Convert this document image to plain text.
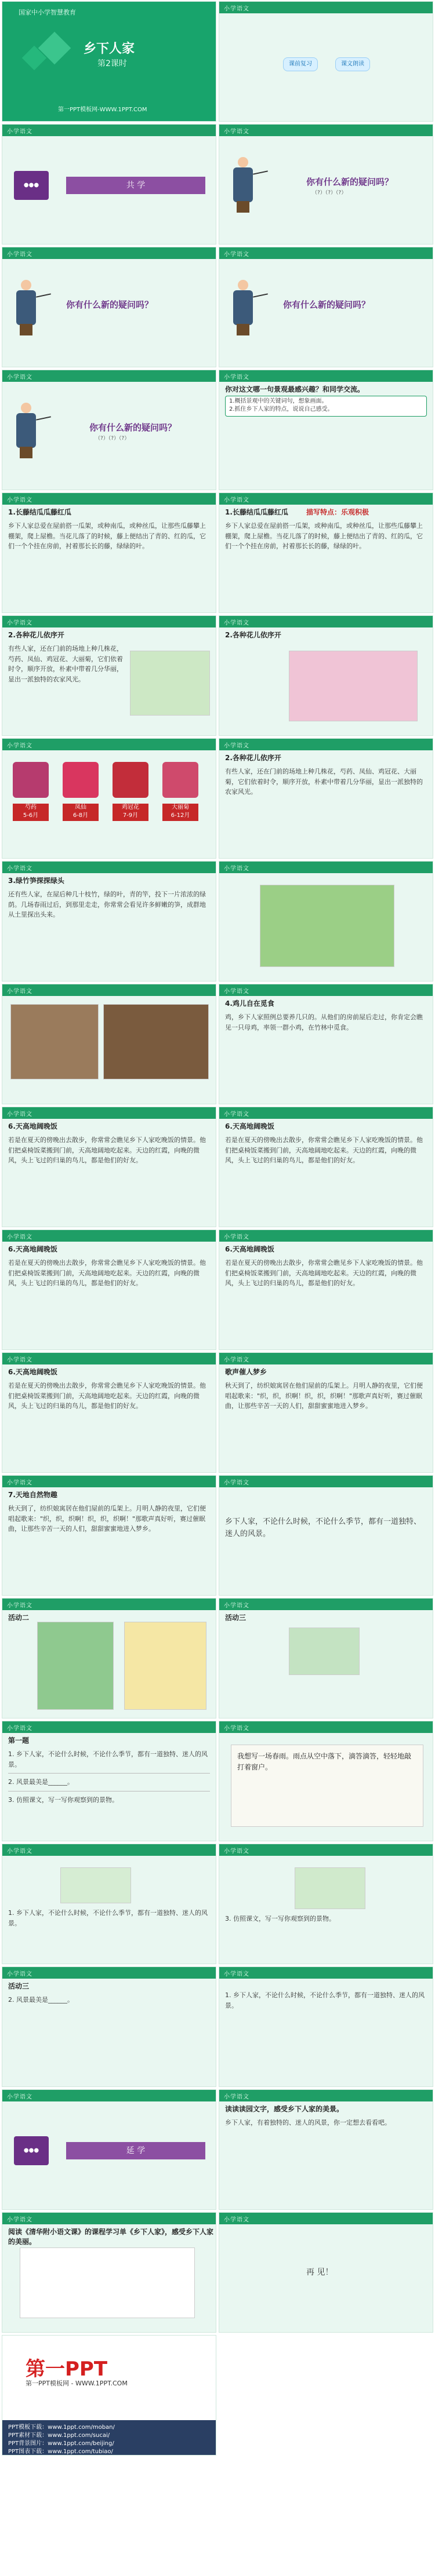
国家中小学智慧教育
乡下人家
第2课时
第一PPT模板网-WWW.1PPT.COM
小学语文
课前复习	课文朗读
小学语文
●●●	共 学
小学语文
你有什么新的疑问吗？
（?）（?）（?）
小学语文
你有什么新的疑问吗？
小学语文
你有什么新的疑问吗？
小学语文
你有什么新的疑问吗？
（?）（?）（?）
小学语文
你对这文哪一句景观最感兴趣？和同学交流。
1.概括景观中的关键词句，想象画面。
2.抓住乡下人家的特点，说说自己感受。
小学语文
1.长藤结瓜瓜藤红瓜
乡下人家总爱在屋前搭一瓜架，或种南瓜，或种丝瓜，让那些瓜藤攀上棚架，爬上屋檐。当花儿落了的时候，藤上便结出了青的、红的瓜，它们一个个挂在房前，衬着那长长的藤，绿绿的叶。
小学语文
1.长藤结瓜瓜藤红瓜	描写特点：乐观积极
乡下人家总爱在屋前搭一瓜架，或种南瓜，或种丝瓜，让那些瓜藤攀上棚架，爬上屋檐。当花儿落了的时候，藤上便结出了青的、红的瓜，它们一个个挂在房前，衬着那长长的藤，绿绿的叶。
小学语文
2.各种花儿依序开
有些人家，还在门前的场地上种几株花，芍药、凤仙、鸡冠花、大丽菊，它们依着时令，顺序开放，朴素中带着几分华丽，显出一派独特的农家风光。
小学语文
2.各种花儿依序开
小学语文
芍药
5-6月
凤仙
6-8月
鸡冠花
7-9月
大丽菊
6-12月
小学语文
2.各种花儿依序开
有些人家，还在门前的场地上种几株花，芍药、凤仙、鸡冠花、大丽菊，它们依着时令，顺序开放，朴素中带着几分华丽，显出一派独特的农家风光。
小学语文
3.绿竹笋探探绿头
还有些人家，在屋后种几十枝竹，绿的叶，青的竿，投下一片浓浓的绿荫。几场春雨过后，到那里走走，你常常会看见许多鲜嫩的笋，成群地从土里探出头来。
小学语文
小学语文	小学语文
4.鸡儿自在觅食
鸡，乡下人家照例总要养几只的。从他们的房前屋后走过，你肯定会瞧见一只母鸡，率领一群小鸡，在竹林中觅食。
小学语文
6.天高地阔晚饭
若是在夏天的傍晚出去散步，你常常会瞧见乡下人家吃晚饭的情景。他们把桌椅饭菜搬到门前，天高地阔地吃起来。天边的红霞，向晚的微风，头上飞过的归巢的鸟儿，都是他们的好友。
小学语文
6.天高地阔晚饭
若是在夏天的傍晚出去散步，你常常会瞧见乡下人家吃晚饭的情景。他们把桌椅饭菜搬到门前，天高地阔地吃起来。天边的红霞，向晚的微风，头上飞过的归巢的鸟儿，都是他们的好友。
小学语文
6.天高地阔晚饭
若是在夏天的傍晚出去散步，你常常会瞧见乡下人家吃晚饭的情景。他们把桌椅饭菜搬到门前，天高地阔地吃起来。天边的红霞，向晚的微风，头上飞过的归巢的鸟儿，都是他们的好友。
小学语文
6.天高地阔晚饭
若是在夏天的傍晚出去散步，你常常会瞧见乡下人家吃晚饭的情景。他们把桌椅饭菜搬到门前，天高地阔地吃起来。天边的红霞，向晚的微风，头上飞过的归巢的鸟儿，都是他们的好友。
小学语文
6.天高地阔晚饭
若是在夏天的傍晚出去散步，你常常会瞧见乡下人家吃晚饭的情景。他们把桌椅饭菜搬到门前，天高地阔地吃起来。天边的红霞，向晚的微风，头上飞过的归巢的鸟儿，都是他们的好友。
小学语文
歌声催人梦乡
秋天到了，纺织娘寓居在他们屋前的瓜架上。月明人静的夜里，它们便唱起歌来："织，织，织啊！织，织，织啊！"那歌声真好听，赛过催眠曲，让那些辛苦一天的人们，甜甜蜜蜜地进入梦乡。
小学语文
7.天地自然物趣
秋天到了，纺织娘寓居在他们屋前的瓜架上。月明人静的夜里，它们便唱起歌来："织，织，织啊！织，织，织啊！"那歌声真好听，赛过催眠曲，让那些辛苦一天的人们，甜甜蜜蜜地进入梦乡。
小学语文
乡下人家，不论什么时候，不论什么季节，都有一道独特、迷人的风景。
小学语文
活动二
小学语文
活动三
小学语文
第一题
1. 乡下人家，不论什么时候，不论什么季节，都有一道独特、迷人的风景。
2. 风景最美是______。
3. 仿照课文，写一写你观察到的景物。
小学语文
我想写一场春雨。雨点从空中落下，滴答滴答，轻轻地敲打着窗户。
小学语文
1. 乡下人家，不论什么时候，不论什么季节，都有一道独特、迷人的风景。
小学语文
3. 仿照课文，写一写你观察到的景物。
小学语文
活动三
2. 风景最美是______。
小学语文
1. 乡下人家，不论什么时候，不论什么季节，都有一道独特、迷人的风景。
小学语文
●●●	延 学
小学语文
读读读园文字，感受乡下人家的美景。
乡下人家，有着独特的、迷人的风景，你一定想去看看吧。
小学语文
阅读《清华附小语文课》的课程学习单《乡下人家》，感受乡下人家的美丽。
小学语文
再 见！
第一PPT
第一PPT模板网 - WWW.1PPT.COM
PPT模板下载：www.1ppt.com/moban/
PPT素材下载：www.1ppt.com/sucai/
PPT背景图片：www.1ppt.com/beijing/
PPT图表下载：www.1ppt.com/tubiao/
